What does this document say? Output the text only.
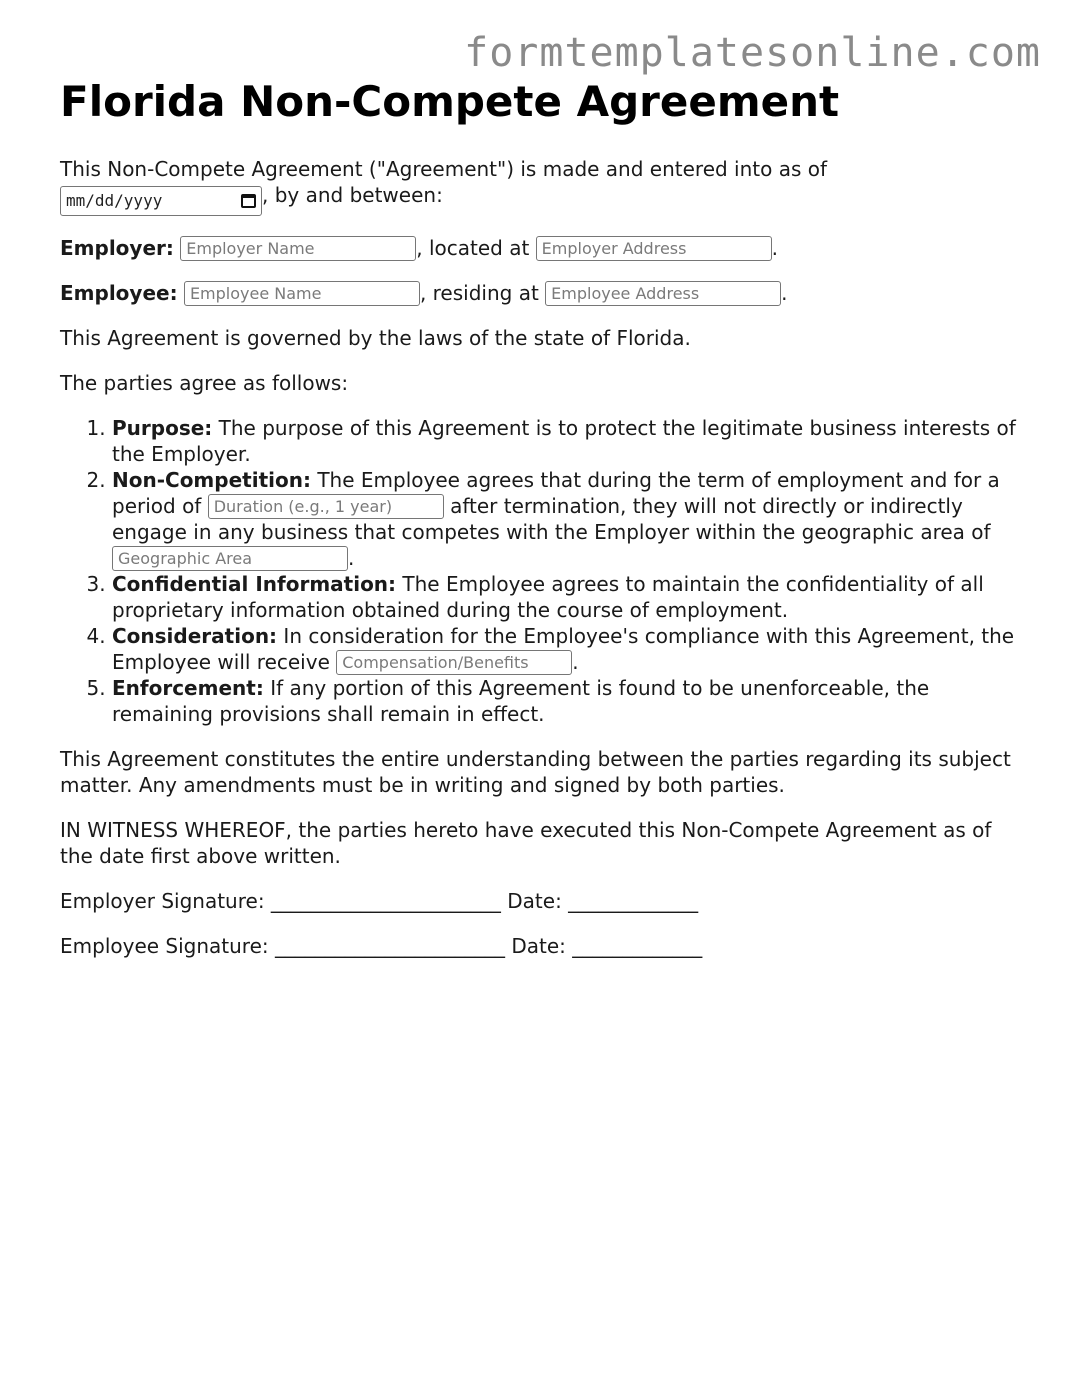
formtemplatesonline.com
Florida Non-Compete Agreement

This Non-Compete Agreement ("Agreement") is made and entered into as of

mm/dd/yyyy	, by and between:

Employer: Employer Name	, located at Employer Address	.

Employee: Employee Name	, residing at Employee Address	.

This Agreement is governed by the laws of the state of Florida.

The parties agree as follows:

1. Purpose: The purpose of this Agreement is to protect the legitimate business interests of the Employer.
2. Non-Competition: The Employee agrees that during the term of employment and for a period of Duration (e.g., 1 year)	after termination, they will not directly or indirectly engage in any business that competes with the Employer within the geographic area of Geographic Area.
3. Confidential Information: The Employee agrees to maintain the confidentiality of all proprietary information obtained during the course of employment.
4. Consideration: In consideration for the Employee's compliance with this Agreement, the Employee will receive Compensation/Benefits	.
5. Enforcement: If any portion of this Agreement is found to be unenforceable, the remaining provisions shall remain in effect.

This Agreement constitutes the entire understanding between the parties regarding its subject matter. Any amendments must be in writing and signed by both parties.

IN WITNESS WHEREOF, the parties hereto have executed this Non-Compete Agreement as of the date first above written.

Employer Signature: _______________________ Date: _____________

Employee Signature: _______________________ Date: _____________
